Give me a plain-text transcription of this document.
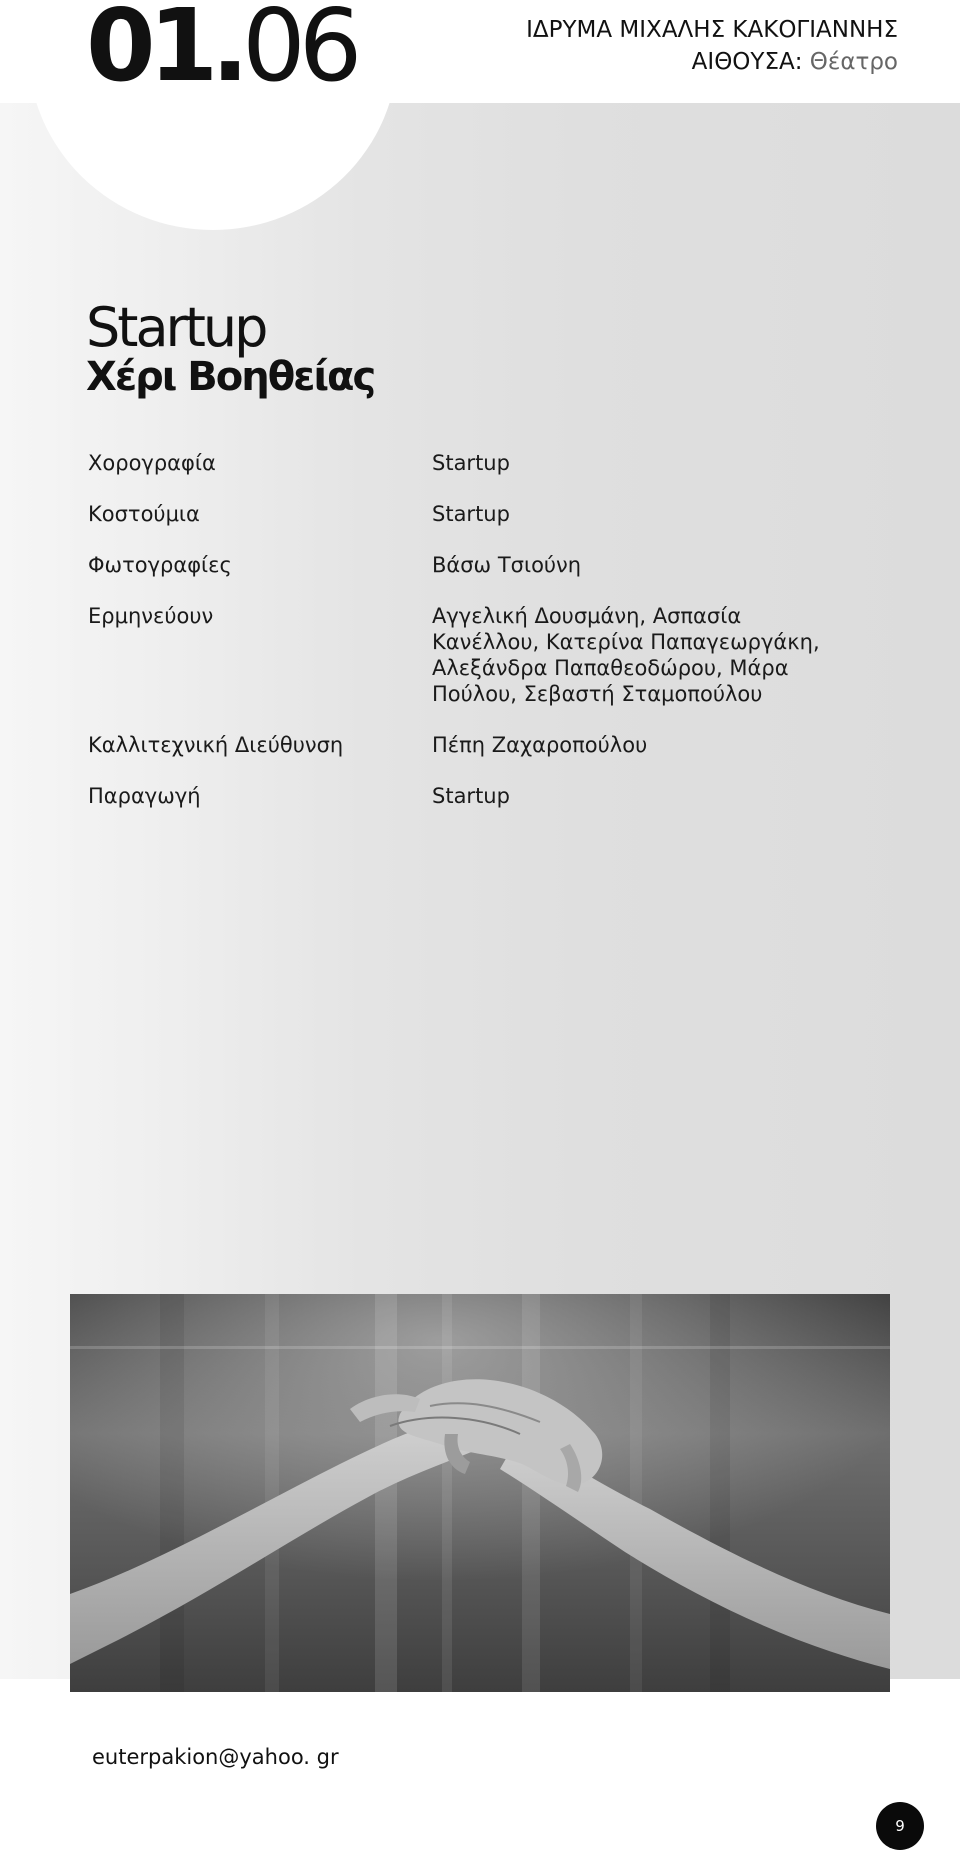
01.06	ΙΔΡΥΜΑ ΜΙΧΑΛΗΣ ΚΑΚΟΓΙΑΝΝΗΣ
ΑΙΘΟΥΣΑ: Θέατρο
Startup
Χέρι Βοηθείας
Χορογραφία	Startup
Κοστούμια	Startup
Φωτογραφίες	Βάσω Τσιούνη
Ερμηνεύουν	Αγγελική Δουσμάνη, Ασπασία Κανέλλου, Κατερίνα Παπαγεωργάκη, Αλεξάνδρα Παπαθεοδώρου, Μάρα Πούλου, Σεβαστή Σταμοπούλου
Καλλιτεχνική Διεύθυνση	Πέπη Ζαχαροπούλου
Παραγωγή	Startup
euterpakion@yahoo. gr
9
